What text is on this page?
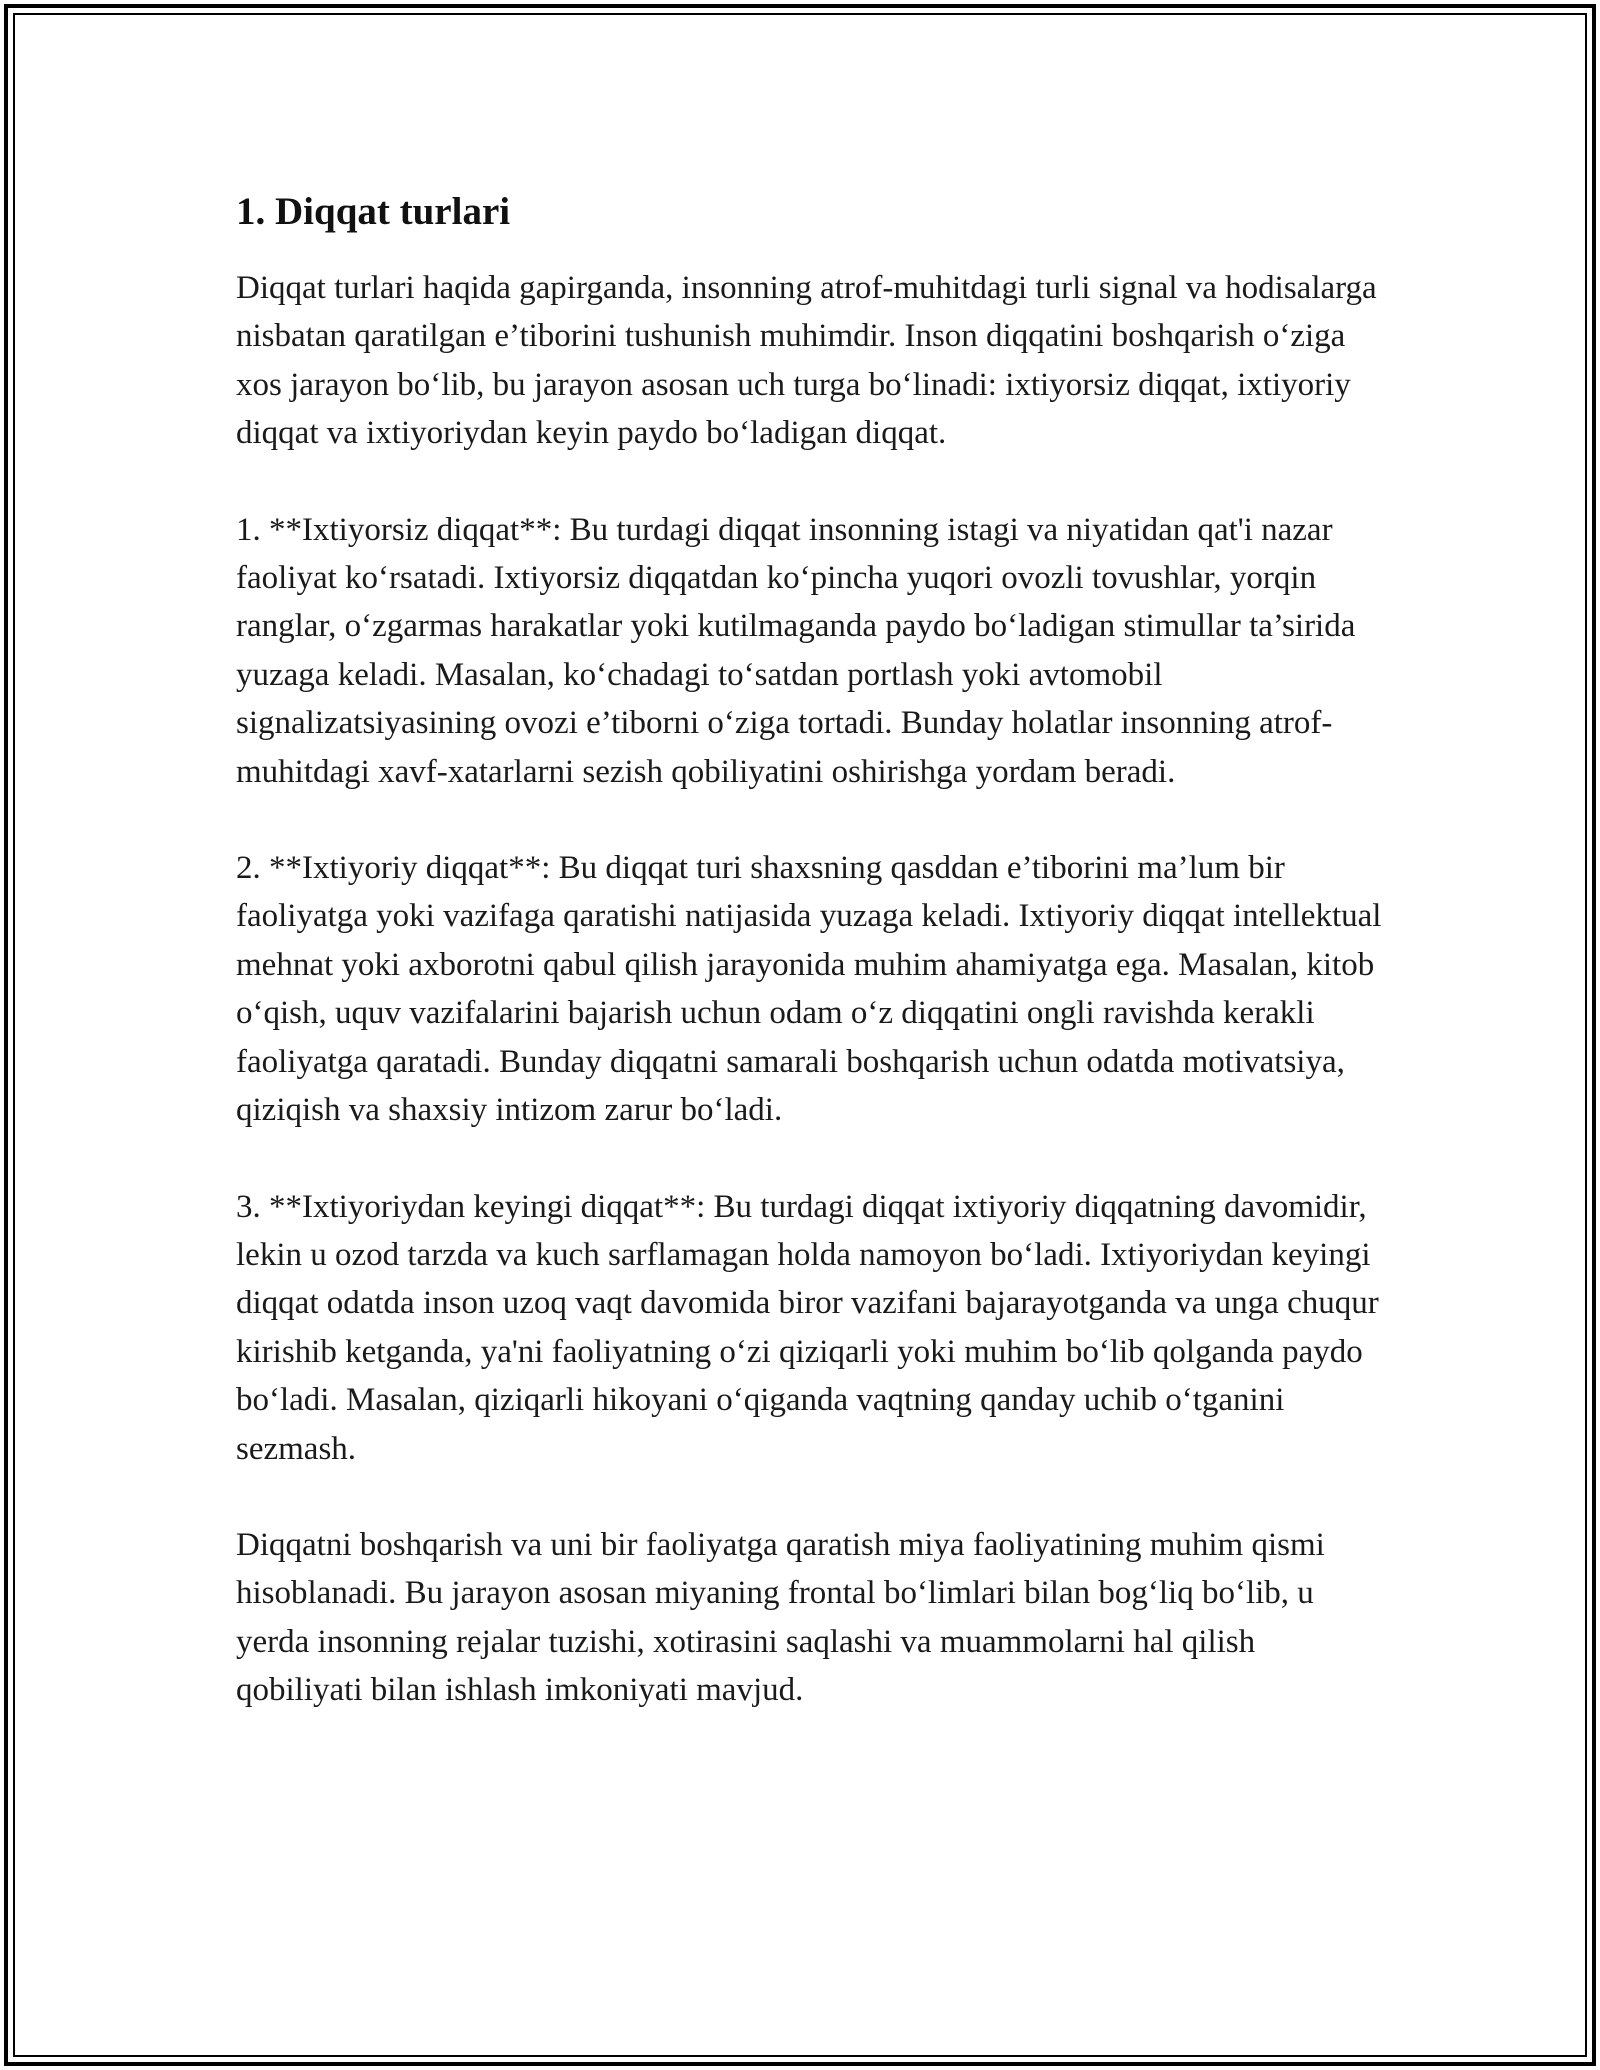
1. Diqqat turlari

Diqqat turlari haqida gapirganda, insonning atrof-muhitdagi turli signal va hodisalarga nisbatan qaratilgan e’tiborini tushunish muhimdir. Inson diqqatini boshqarish o‘ziga xos jarayon bo‘lib, bu jarayon asosan uch turga bo‘linadi: ixtiyorsiz diqqat, ixtiyoriy diqqat va ixtiyoriydan keyin paydo bo‘ladigan diqqat.

1. **Ixtiyorsiz diqqat**: Bu turdagi diqqat insonning istagi va niyatidan qat'i nazar faoliyat ko‘rsatadi. Ixtiyorsiz diqqatdan ko‘pincha yuqori ovozli tovushlar, yorqin ranglar, o‘zgarmas harakatlar yoki kutilmaganda paydo bo‘ladigan stimullar ta’sirida yuzaga keladi. Masalan, ko‘chadagi to‘satdan portlash yoki avtomobil signalizatsiyasining ovozi e’tiborni o‘ziga tortadi. Bunday holatlar insonning atrof-muhitdagi xavf-xatarlarni sezish qobiliyatini oshirishga yordam beradi.

2. **Ixtiyoriy diqqat**: Bu diqqat turi shaxsning qasddan e’tiborini ma’lum bir faoliyatga yoki vazifaga qaratishi natijasida yuzaga keladi. Ixtiyoriy diqqat intellektual mehnat yoki axborotni qabul qilish jarayonida muhim ahamiyatga ega. Masalan, kitob o‘qish, uquv vazifalarini bajarish uchun odam o‘z diqqatini ongli ravishda kerakli faoliyatga qaratadi. Bunday diqqatni samarali boshqarish uchun odatda motivatsiya, qiziqish va shaxsiy intizom zarur bo‘ladi.

3. **Ixtiyoriydan keyingi diqqat**: Bu turdagi diqqat ixtiyoriy diqqatning davomidir, lekin u ozod tarzda va kuch sarflamagan holda namoyon bo‘ladi. Ixtiyoriydan keyingi diqqat odatda inson uzoq vaqt davomida biror vazifani bajarayotganda va unga chuqur kirishib ketganda, ya'ni faoliyatning o‘zi qiziqarli yoki muhim bo‘lib qolganda paydo bo‘ladi. Masalan, qiziqarli hikoyani o‘qiganda vaqtning qanday uchib o‘tganini sezmash.

Diqqatni boshqarish va uni bir faoliyatga qaratish miya faoliyatining muhim qismi hisoblanadi. Bu jarayon asosan miyaning frontal bo‘limlari bilan bog‘liq bo‘lib, u yerda insonning rejalar tuzishi, xotirasini saqlashi va muammolarni hal qilish qobiliyati bilan ishlash imkoniyati mavjud.
